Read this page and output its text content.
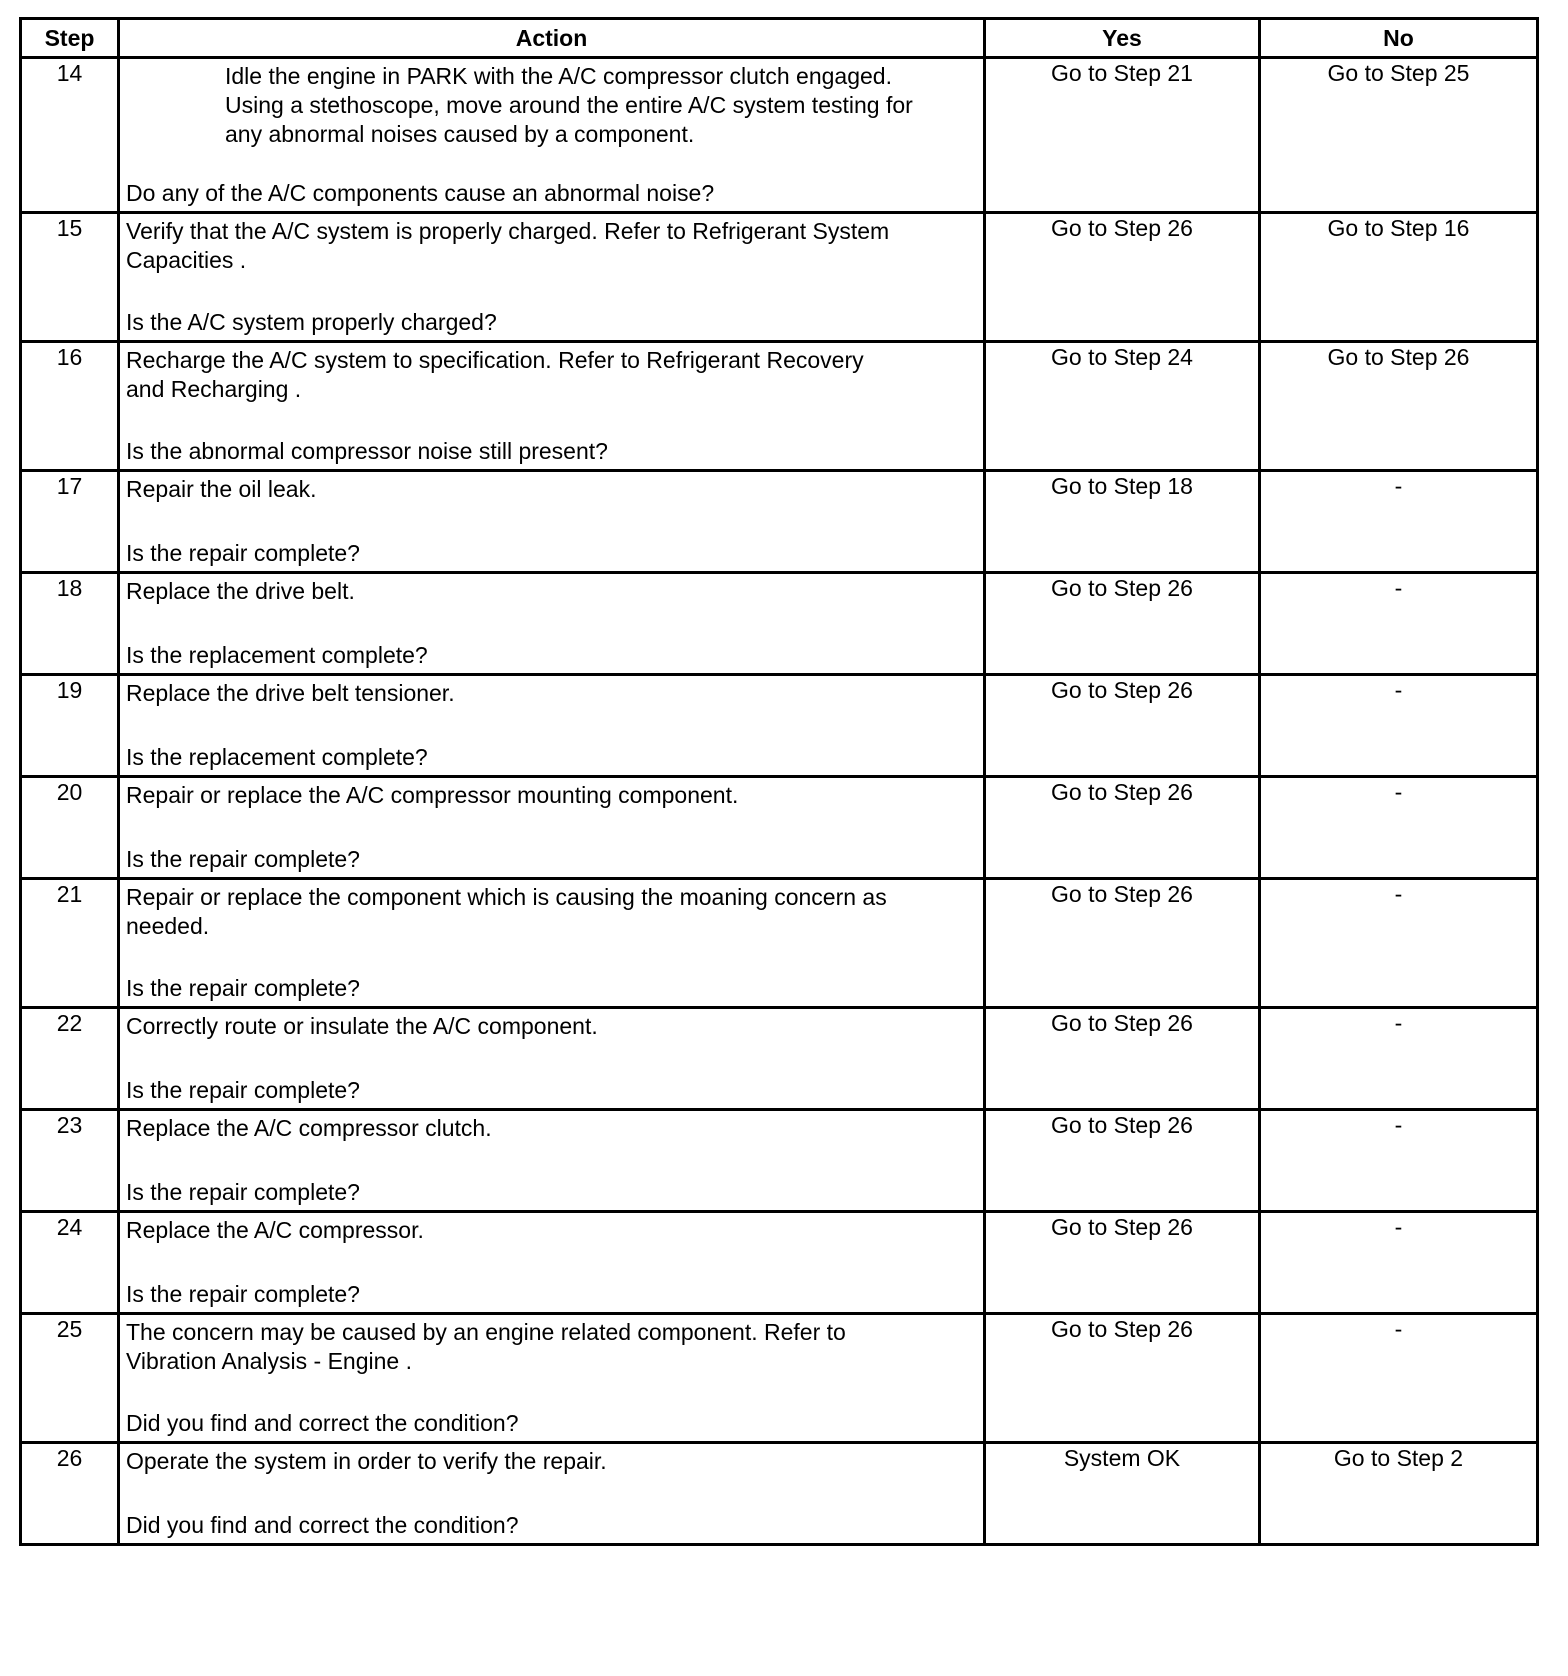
Step	Action	Yes	No
14	Idle the engine in PARK with the A/C compressor clutch engaged.
Using a stethoscope, move around the entire A/C system testing for
any abnormal noises caused by a component.
Do any of the A/C components cause an abnormal noise?	Go to Step 21	Go to Step 25
15	Verify that the A/C system is properly charged. Refer to Refrigerant System
Capacities .
Is the A/C system properly charged?	Go to Step 26	Go to Step 16
16	Recharge the A/C system to specification. Refer to Refrigerant Recovery
and Recharging .
Is the abnormal compressor noise still present?	Go to Step 24	Go to Step 26
17	Repair the oil leak.
Is the repair complete?	Go to Step 18	-
18	Replace the drive belt.
Is the replacement complete?	Go to Step 26	-
19	Replace the drive belt tensioner.
Is the replacement complete?	Go to Step 26	-
20	Repair or replace the A/C compressor mounting component.
Is the repair complete?	Go to Step 26	-
21	Repair or replace the component which is causing the moaning concern as
needed.
Is the repair complete?	Go to Step 26	-
22	Correctly route or insulate the A/C component.
Is the repair complete?	Go to Step 26	-
23	Replace the A/C compressor clutch.
Is the repair complete?	Go to Step 26	-
24	Replace the A/C compressor.
Is the repair complete?	Go to Step 26	-
25	The concern may be caused by an engine related component. Refer to
Vibration Analysis - Engine .
Did you find and correct the condition?	Go to Step 26	-
26	Operate the system in order to verify the repair.
Did you find and correct the condition?	System OK	Go to Step 2
